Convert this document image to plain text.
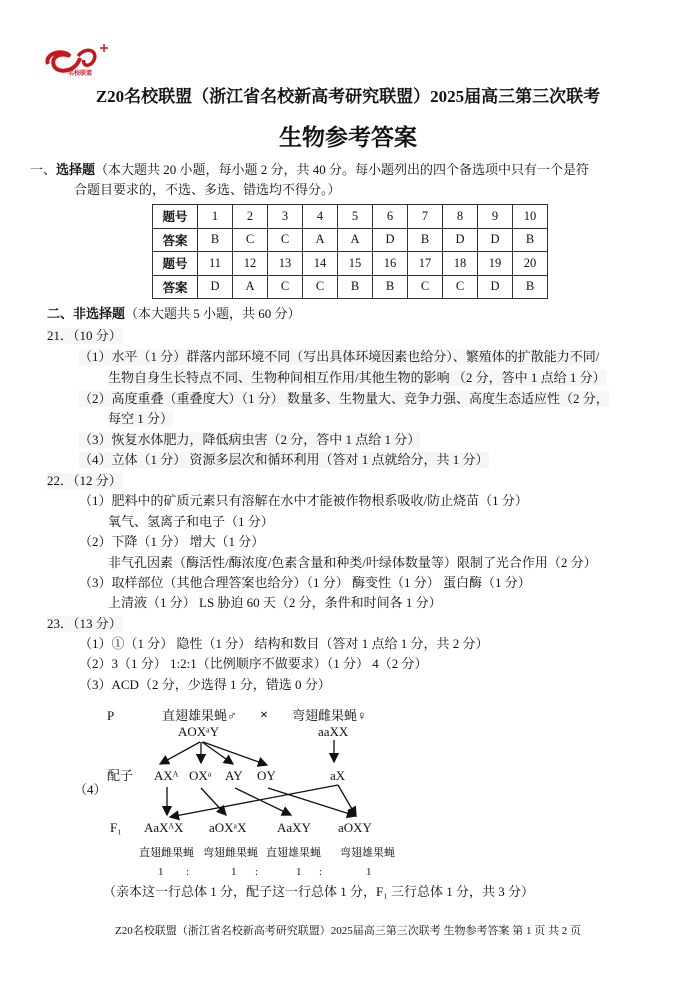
名校联盟
Z20名校联盟（浙江省名校新高考研究联盟）2025届高三第三次联考
生物参考答案
一、选择题（本大题共 20 小题，每小题 2 分，共 40 分。每小题列出的四个备选项中只有一个是符
合题目要求的，不选、多选、错选均不得分。）
题号	1	2	3	4	5	6	7	8	9	10
答案	B	C	C	A	A	D	B	D	D	B
题号	11	12	13	14	15	16	17	18	19	20
答案	D	A	C	C	B	B	C	C	D	B
二、非选择题（本大题共 5 小题，共 60 分）
21．（10 分）
（1）水平（1 分）群落内部环境不同（写出具体环境因素也给分）、繁殖体的扩散能力不同/
生物自身生长特点不同、生物种间相互作用/其他生物的影响 （2 分，答中 1 点给 1 分）
（2）高度重叠（重叠度大）（1 分） 数量多、生物量大、竞争力强、高度生态适应性（2 分，
每空 1 分）
（3）恢复水体肥力，降低病虫害（2 分，答中 1 点给 1 分）
（4）立体（1 分） 资源多层次和循环利用（答对 1 点就给分，共 1 分）
22．（12 分）
（1）肥料中的矿质元素只有溶解在水中才能被作物根系吸收/防止烧苗（1 分）
氧气、氢离子和电子（1 分）
（2）下降（1 分） 增大（1 分）
非气孔因素（酶活性/酶浓度/色素含量和种类/叶绿体数量等）限制了光合作用（2 分）
（3）取样部位（其他合理答案也给分）（1 分） 酶变性（1 分） 蛋白酶（1 分）
上清液（1 分） LS 胁迫 60 天（2 分，条件和时间各 1 分）
23．（13 分）
（1）①（1 分） 隐性（1 分） 结构和数目（答对 1 点给 1 分，共 2 分）
（2）3（1 分） 1:2:1（比例顺序不做要求）（1 分） 4（2 分）
（3）ACD（2 分，少选得 1 分，错选 0 分）
P	直翅雄果蝇♂ × 弯翅雌果蝇♀
AOXᵃY	aaXX
配子 AXᴬ OXᵃ AY OY	aX
（4）
F₁ AaXᴬX aOXᵃX AaXY aOXY
直翅雌果蝇 弯翅雌果蝇 直翅雄果蝇 弯翅雄果蝇
1 :	1 :	1 :	1
（亲本这一行总体 1 分，配子这一行总体 1 分，F₁ 三行总体 1 分，共 3 分）
Z20名校联盟（浙江省名校新高考研究联盟）2025届高三第三次联考 生物参考答案 第 1 页 共 2 页
